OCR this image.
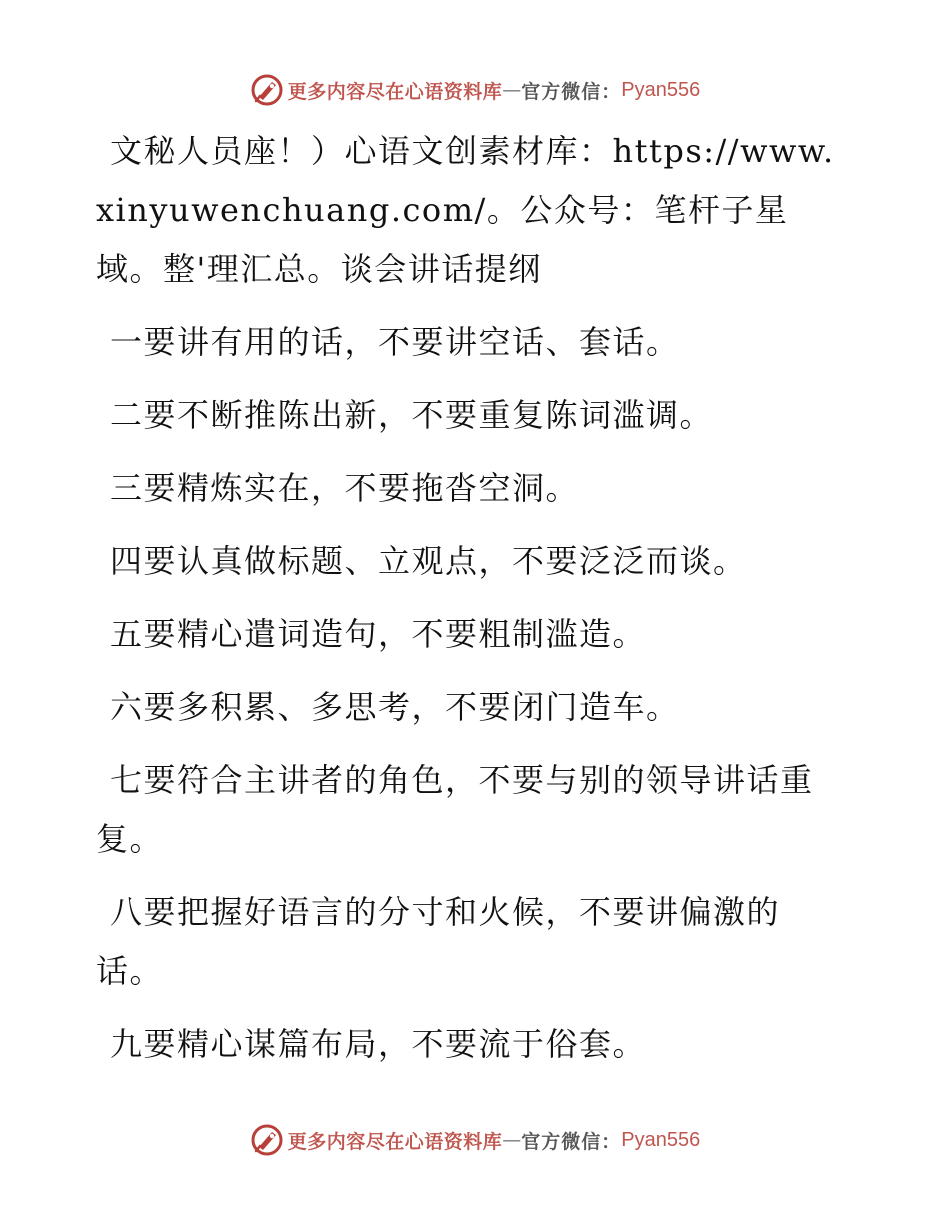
更多内容尽在心语资料库 — 官方微信： Pyan556

文秘人员座！）心语文创素材库：https://www.xinyuwenchuang.com/。公众号：笔杆子星域。整'理汇总。谈会讲话提纲

一要讲有用的话，不要讲空话、套话。

二要不断推陈出新，不要重复陈词滥调。

三要精炼实在，不要拖沓空洞。

四要认真做标题、立观点，不要泛泛而谈。

五要精心遣词造句，不要粗制滥造。

六要多积累、多思考，不要闭门造车。

七要符合主讲者的角色，不要与别的领导讲话重复。

八要把握好语言的分寸和火候，不要讲偏激的话。

九要精心谋篇布局，不要流于俗套。

更多内容尽在心语资料库 — 官方微信： Pyan556
